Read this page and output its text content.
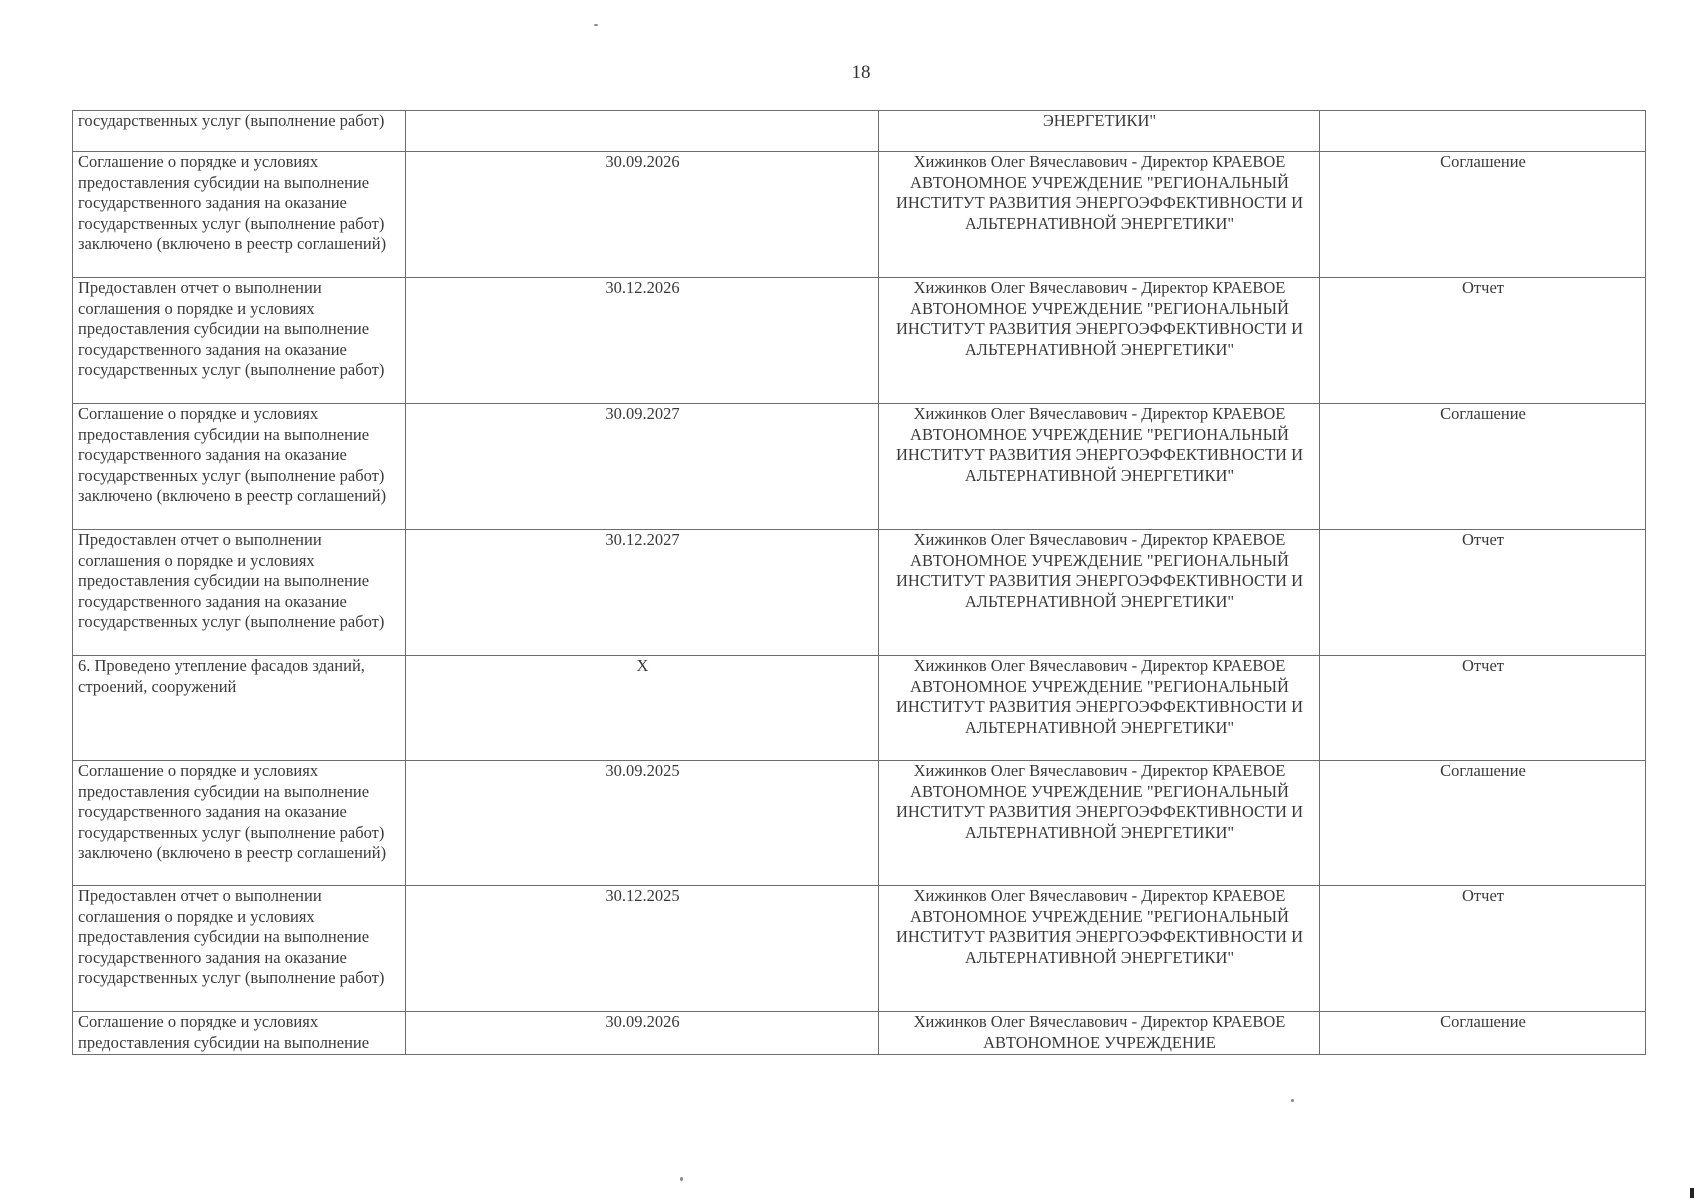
18
государственных услуг (выполнение работ)		ЭНЕРГЕТИКИ"	
Соглашение о порядке и условиях предоставления субсидии на выполнение государственного задания на оказание государственных услуг (выполнение работ) заключено (включено в реестр соглашений)	30.09.2026	Хижинков Олег Вячеславович - Директор КРАЕВОЕ АВТОНОМНОЕ УЧРЕЖДЕНИЕ "РЕГИОНАЛЬНЫЙ ИНСТИТУТ РАЗВИТИЯ ЭНЕРГОЭФФЕКТИВНОСТИ И АЛЬТЕРНАТИВНОЙ ЭНЕРГЕТИКИ"	Соглашение
Предоставлен отчет о выполнении соглашения о порядке и условиях предоставления субсидии на выполнение государственного задания на оказание государственных услуг (выполнение работ)	30.12.2026	Хижинков Олег Вячеславович - Директор КРАЕВОЕ АВТОНОМНОЕ УЧРЕЖДЕНИЕ "РЕГИОНАЛЬНЫЙ ИНСТИТУТ РАЗВИТИЯ ЭНЕРГОЭФФЕКТИВНОСТИ И АЛЬТЕРНАТИВНОЙ ЭНЕРГЕТИКИ"	Отчет
Соглашение о порядке и условиях предоставления субсидии на выполнение государственного задания на оказание государственных услуг (выполнение работ) заключено (включено в реестр соглашений)	30.09.2027	Хижинков Олег Вячеславович - Директор КРАЕВОЕ АВТОНОМНОЕ УЧРЕЖДЕНИЕ "РЕГИОНАЛЬНЫЙ ИНСТИТУТ РАЗВИТИЯ ЭНЕРГОЭФФЕКТИВНОСТИ И АЛЬТЕРНАТИВНОЙ ЭНЕРГЕТИКИ"	Соглашение
Предоставлен отчет о выполнении соглашения о порядке и условиях предоставления субсидии на выполнение государственного задания на оказание государственных услуг (выполнение работ)	30.12.2027	Хижинков Олег Вячеславович - Директор КРАЕВОЕ АВТОНОМНОЕ УЧРЕЖДЕНИЕ "РЕГИОНАЛЬНЫЙ ИНСТИТУТ РАЗВИТИЯ ЭНЕРГОЭФФЕКТИВНОСТИ И АЛЬТЕРНАТИВНОЙ ЭНЕРГЕТИКИ"	Отчет
6. Проведено утепление фасадов зданий, строений, сооружений	Х	Хижинков Олег Вячеславович - Директор КРАЕВОЕ АВТОНОМНОЕ УЧРЕЖДЕНИЕ "РЕГИОНАЛЬНЫЙ ИНСТИТУТ РАЗВИТИЯ ЭНЕРГОЭФФЕКТИВНОСТИ И АЛЬТЕРНАТИВНОЙ ЭНЕРГЕТИКИ"	Отчет
Соглашение о порядке и условиях предоставления субсидии на выполнение государственного задания на оказание государственных услуг (выполнение работ) заключено (включено в реестр соглашений)	30.09.2025	Хижинков Олег Вячеславович - Директор КРАЕВОЕ АВТОНОМНОЕ УЧРЕЖДЕНИЕ "РЕГИОНАЛЬНЫЙ ИНСТИТУТ РАЗВИТИЯ ЭНЕРГОЭФФЕКТИВНОСТИ И АЛЬТЕРНАТИВНОЙ ЭНЕРГЕТИКИ"	Соглашение
Предоставлен отчет о выполнении соглашения о порядке и условиях предоставления субсидии на выполнение государственного задания на оказание государственных услуг (выполнение работ)	30.12.2025	Хижинков Олег Вячеславович - Директор КРАЕВОЕ АВТОНОМНОЕ УЧРЕЖДЕНИЕ "РЕГИОНАЛЬНЫЙ ИНСТИТУТ РАЗВИТИЯ ЭНЕРГОЭФФЕКТИВНОСТИ И АЛЬТЕРНАТИВНОЙ ЭНЕРГЕТИКИ"	Отчет
Соглашение о порядке и условиях предоставления субсидии на выполнение	30.09.2026	Хижинков Олег Вячеславович - Директор КРАЕВОЕ АВТОНОМНОЕ УЧРЕЖДЕНИЕ	Соглашение
